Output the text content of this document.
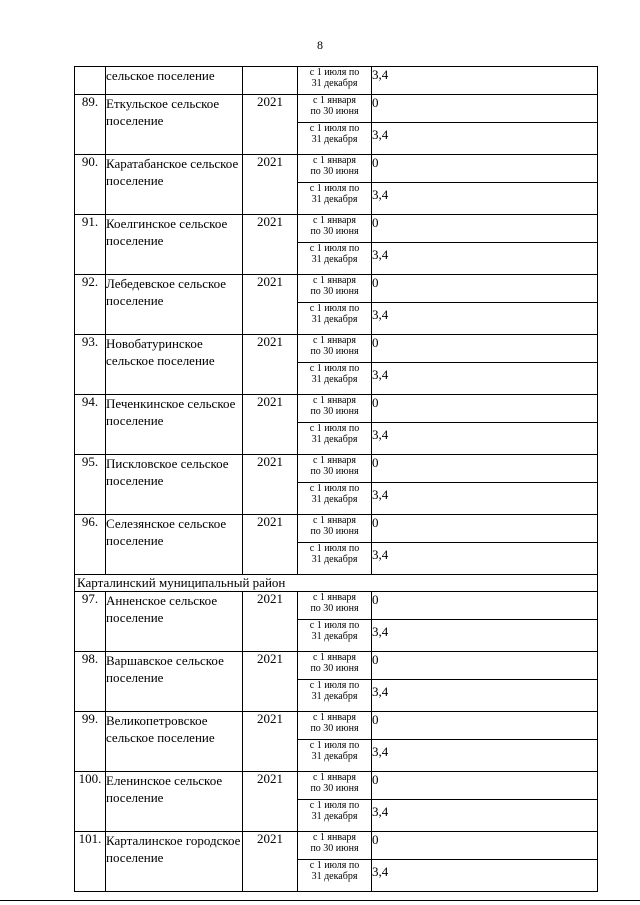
8
	сельское поселение		с 1 июля по
31 декабря	3,4
89.	Еткульское сельское поселение	2021	с 1 января
по 30 июня	0

			с 1 июля по
31 декабря	3,4
90.	Каратабанское сельское поселение	2021	с 1 января
по 30 июня	0

			с 1 июля по
31 декабря	3,4
91.	Коелгинское сельское поселение	2021	с 1 января
по 30 июня	0

			с 1 июля по
31 декабря	3,4
92.	Лебедевское сельское поселение	2021	с 1 января
по 30 июня	0

			с 1 июля по
31 декабря	3,4
93.	Новобатуринское сельское поселение	2021	с 1 января
по 30 июня	0

			с 1 июля по
31 декабря	3,4
94.	Печенкинское сельское поселение	2021	с 1 января
по 30 июня	0

			с 1 июля по
31 декабря	3,4
95.	Пискловское сельское поселение	2021	с 1 января
по 30 июня	0

			с 1 июля по
31 декабря	3,4
96.	Селезянское сельское поселение	2021	с 1 января
по 30 июня	0

			с 1 июля по
31 декабря	3,4
Карталинский муниципальный район				
97.	Анненское сельское поселение	2021	с 1 января
по 30 июня	0

			с 1 июля по
31 декабря	3,4
98.	Варшавское сельское поселение	2021	с 1 января
по 30 июня	0

			с 1 июля по
31 декабря	3,4
99.	Великопетровское сельское поселение	2021	с 1 января
по 30 июня	0

			с 1 июля по
31 декабря	3,4
100.	Еленинское сельское поселение	2021	с 1 января
по 30 июня	0

			с 1 июля по
31 декабря	3,4
101.	Карталинское городское поселение	2021	с 1 января
по 30 июня	0

			с 1 июля по
31 декабря	3,4
